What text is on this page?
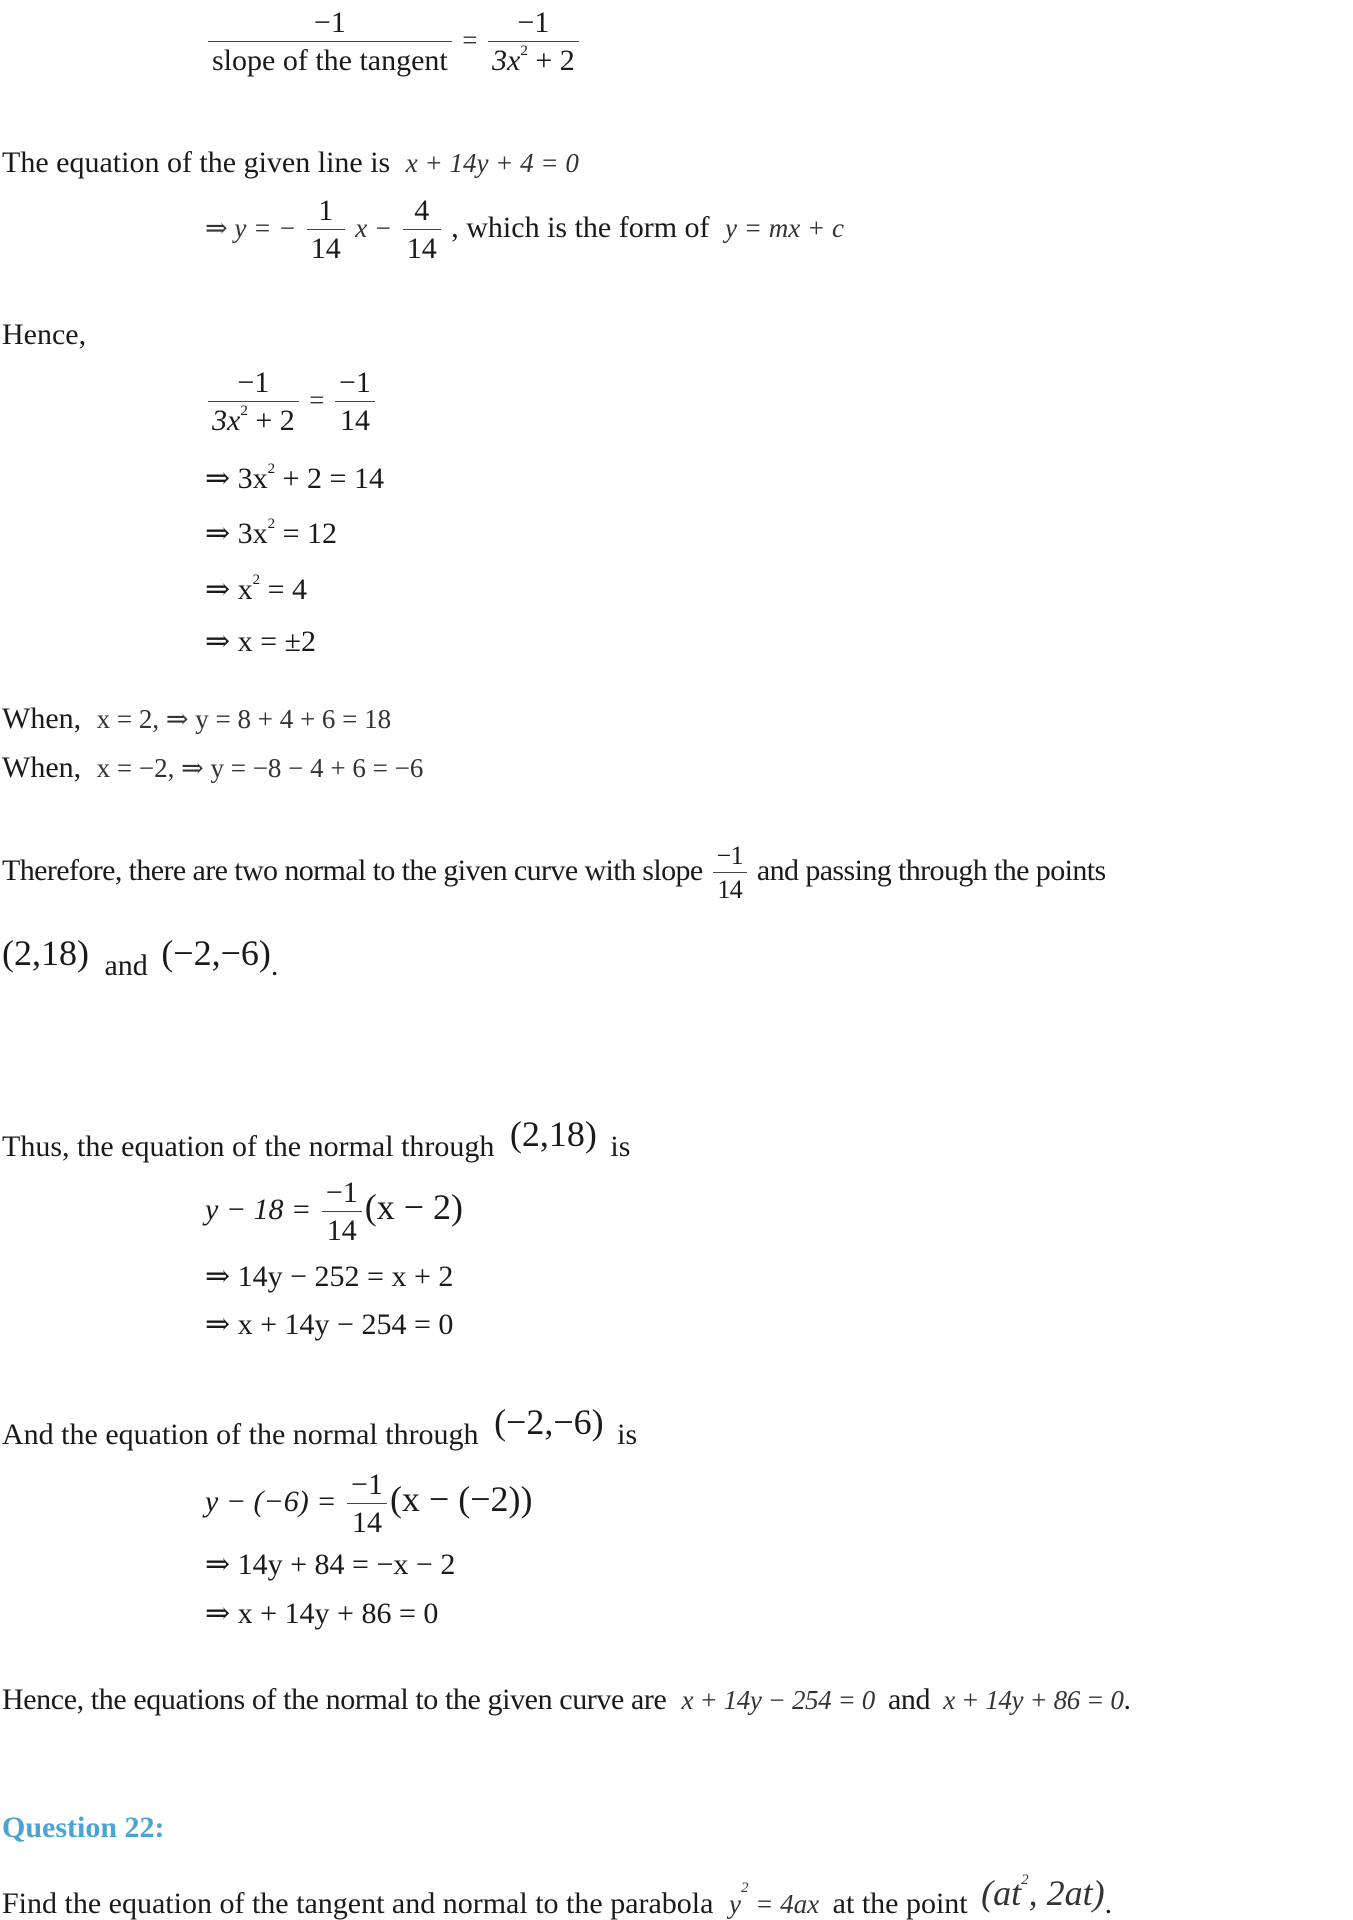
$\frac{-1}{\text{slope of the tangent}} = \frac{-1}{3x^2 + 2}$
The equation of the given line is x + 14y + 4 = 0
⇒ y = − $\frac{1}{14}$ $x - \frac{4}{14}$ , which is the form of y = mx + c
Hence,
$\frac{-1}{3x^2 + 2} = \frac{-1}{14}$
⇒ $3x^2 + 2 = 14$
⇒ $3x^2 = 12$
⇒ $x^2 = 4$
⇒ x = ±2
When, x = 2, ⇒ y = 8 + 4 + 6 = 18
When, x = −2, ⇒ y = −8 − 4 + 6 = −6
Therefore, there are two normal to the given curve with slope $\frac{-1}{14}$ and passing through the points
(2,18) and (−2,−6).
Thus, the equation of the normal through (2,18) is
$y - 18 = \frac{-1}{14} (x - 2)$
⇒ 14y − 252 = x + 2
⇒ x + 14y − 254 = 0
And the equation of the normal through (−2,−6) is
$y - (-6) = \frac{-1}{14} (x - (-2))$
⇒ 14y + 84 = −x − 2
⇒ x + 14y + 86 = 0
Hence, the equations of the normal to the given curve are x + 14y − 254 = 0 and x + 14y + 86 = 0.
Question 22:
Find the equation of the tangent and normal to the parabola $y^2 = 4ax$ at the point ($at^2$, 2at).
